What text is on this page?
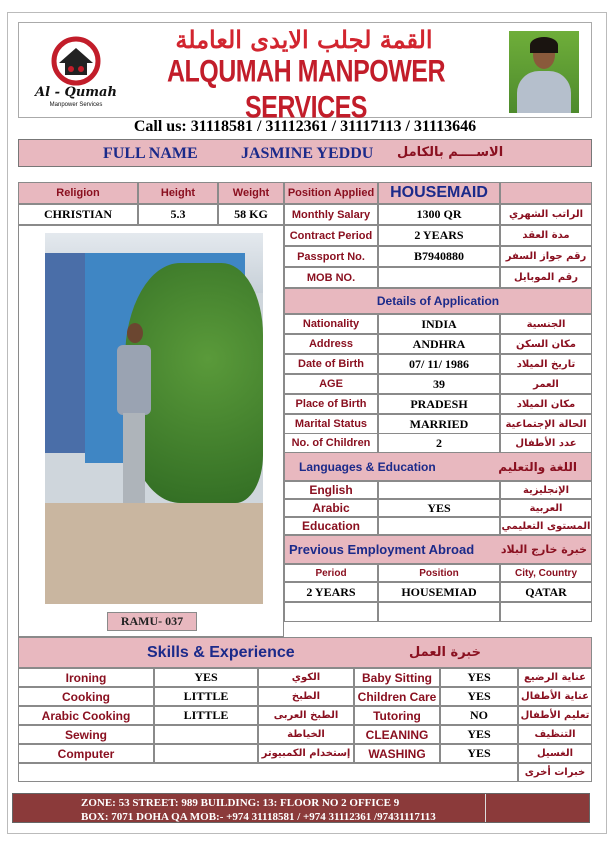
Al - Qumah
Manpower Services
القمة لجلب الايدى العاملة
ALQUMAH MANPOWER SERVICES
Call us: 31118581 / 31112361 / 31117113 / 31113646
FULL NAME	JASMINE YEDDU الاســــم بالكامل
Religion	Height	Weight
CHRISTIAN	5.3	58 KG
RAMU- 037
Position Applied HOUSEMAID
Monthly Salary	1300 QR	الراتب الشهري
Contract Period	2 YEARS	مدة العقد
Passport No.	B7940880	رقم جواز السفر
MOB NO.	رقم الموبايل
Details of Application
Nationality	INDIA	الجنسية
Address	ANDHRA	مكان السكن
Date of Birth	07/ 11/ 1986	تاريخ الميلاد
AGE	39	العمر
Place of Birth	PRADESH	مكان الميلاد
Marital Status	MARRIED	الحالة الإجتماعية
No. of Children	2	عدد الأطفال
Languages & Education	اللغة والتعليم
English	الإنجليزية
Arabic	YES	العربية
Education	المستوى التعليمي
Previous Employment Abroad خبرة خارج البلاد
Period	Position	City, Country
2 YEARS	HOUSEMIAD	QATAR
Skills & Experience	خبرة العمل
Ironing	YES	الكوي	Baby Sitting	YES	عناية الرضيع
Cooking	LITTLE	الطبخ	Children Care	YES	عناية الأطفال
Arabic Cooking	LITTLE	الطبخ العربى	Tutoring	NO	تعليم الأطفال
Sewing	الخياطة	CLEANING	YES	التنظيف
Computer	إستخدام الكمبيوتر	WASHING	YES	الغسيل
خبرات أخرى
ZONE: 53 STREET: 989 BUILDING: 13: FLOOR NO 2 OFFICE 9
BOX: 7071 DOHA QA MOB:- +974 31118581 / +974 31112361 /97431117113
